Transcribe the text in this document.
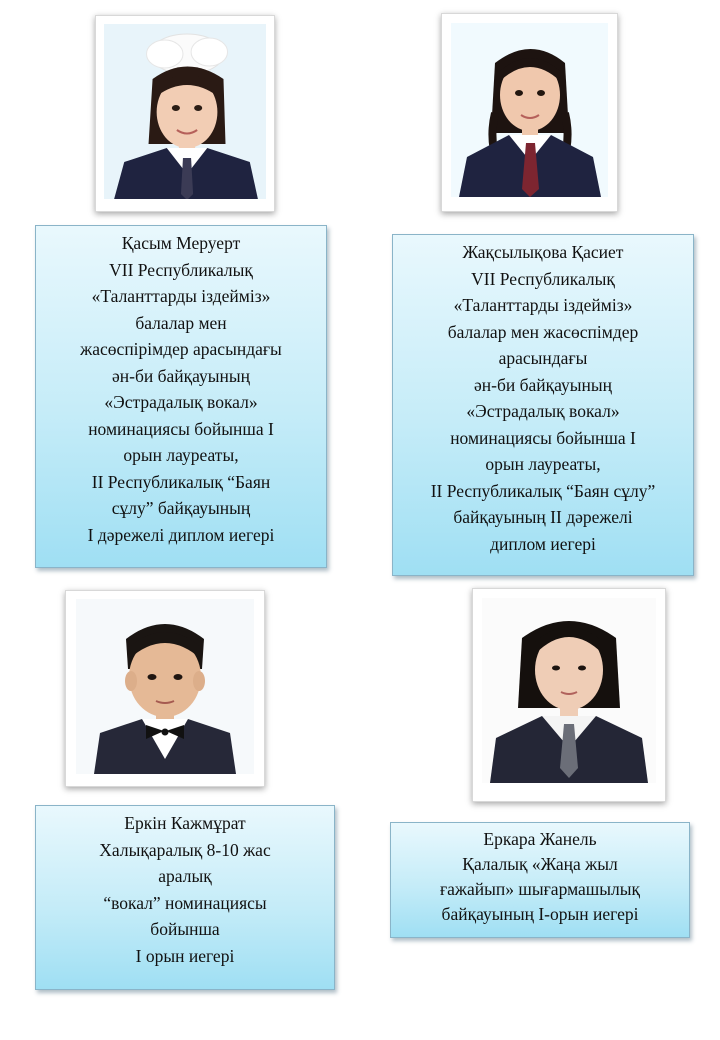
Қасым Меруерт
VII Республикалық
«Таланттарды іздейміз»
балалар мен
жасөспірімдер арасындағы
ән-би байқауының
«Эстрадалық вокал»
номинациясы бойынша I
орын лауреаты,
II Республикалық “Баян
сұлу” байқауының
I дәрежелі диплом иегері
Жақсылықова Қасиет
VII Республикалық
«Таланттарды іздейміз»
балалар мен жасөспімдер
арасындағы
ән-би байқауының
«Эстрадалық вокал»
номинациясы бойынша I
орын лауреаты,
II Республикалық “Баян сұлу”
байқауының II дәрежелі
диплом иегері
Еркін Кажмұрат
Халықаралық 8-10 жас
аралық
“вокал” номинациясы
бойынша
I орын иегері
Еркара Жанель
Қалалық «Жаңа жыл
ғажайып» шығармашылық
байқауының I-орын иегері
